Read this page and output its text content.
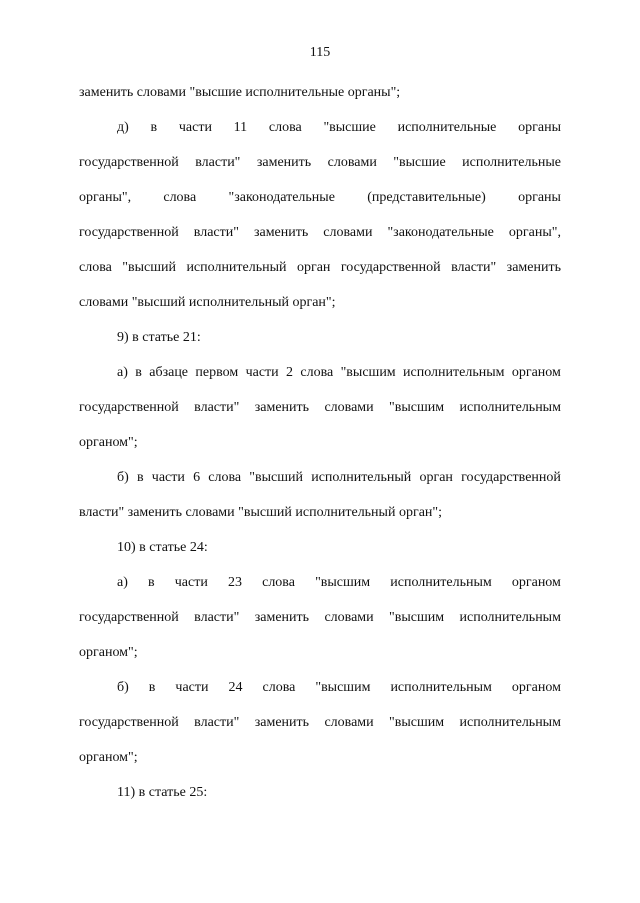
115
заменить словами "высшие исполнительные органы";
д) в части 11 слова "высшие исполнительные органы
государственной власти" заменить словами "высшие исполнительные
органы", слова "законодательные (представительные) органы
государственной власти" заменить словами "законодательные органы",
слова "высший исполнительный орган государственной власти" заменить
словами "высший исполнительный орган";
9) в статье 21:
а) в абзаце первом части 2 слова "высшим исполнительным органом
государственной власти" заменить словами "высшим исполнительным
органом";
б) в части 6 слова "высший исполнительный орган государственной
власти" заменить словами "высший исполнительный орган";
10) в статье 24:
а) в части 23 слова "высшим исполнительным органом
государственной власти" заменить словами "высшим исполнительным
органом";
б) в части 24 слова "высшим исполнительным органом
государственной власти" заменить словами "высшим исполнительным
органом";
11) в статье 25:
